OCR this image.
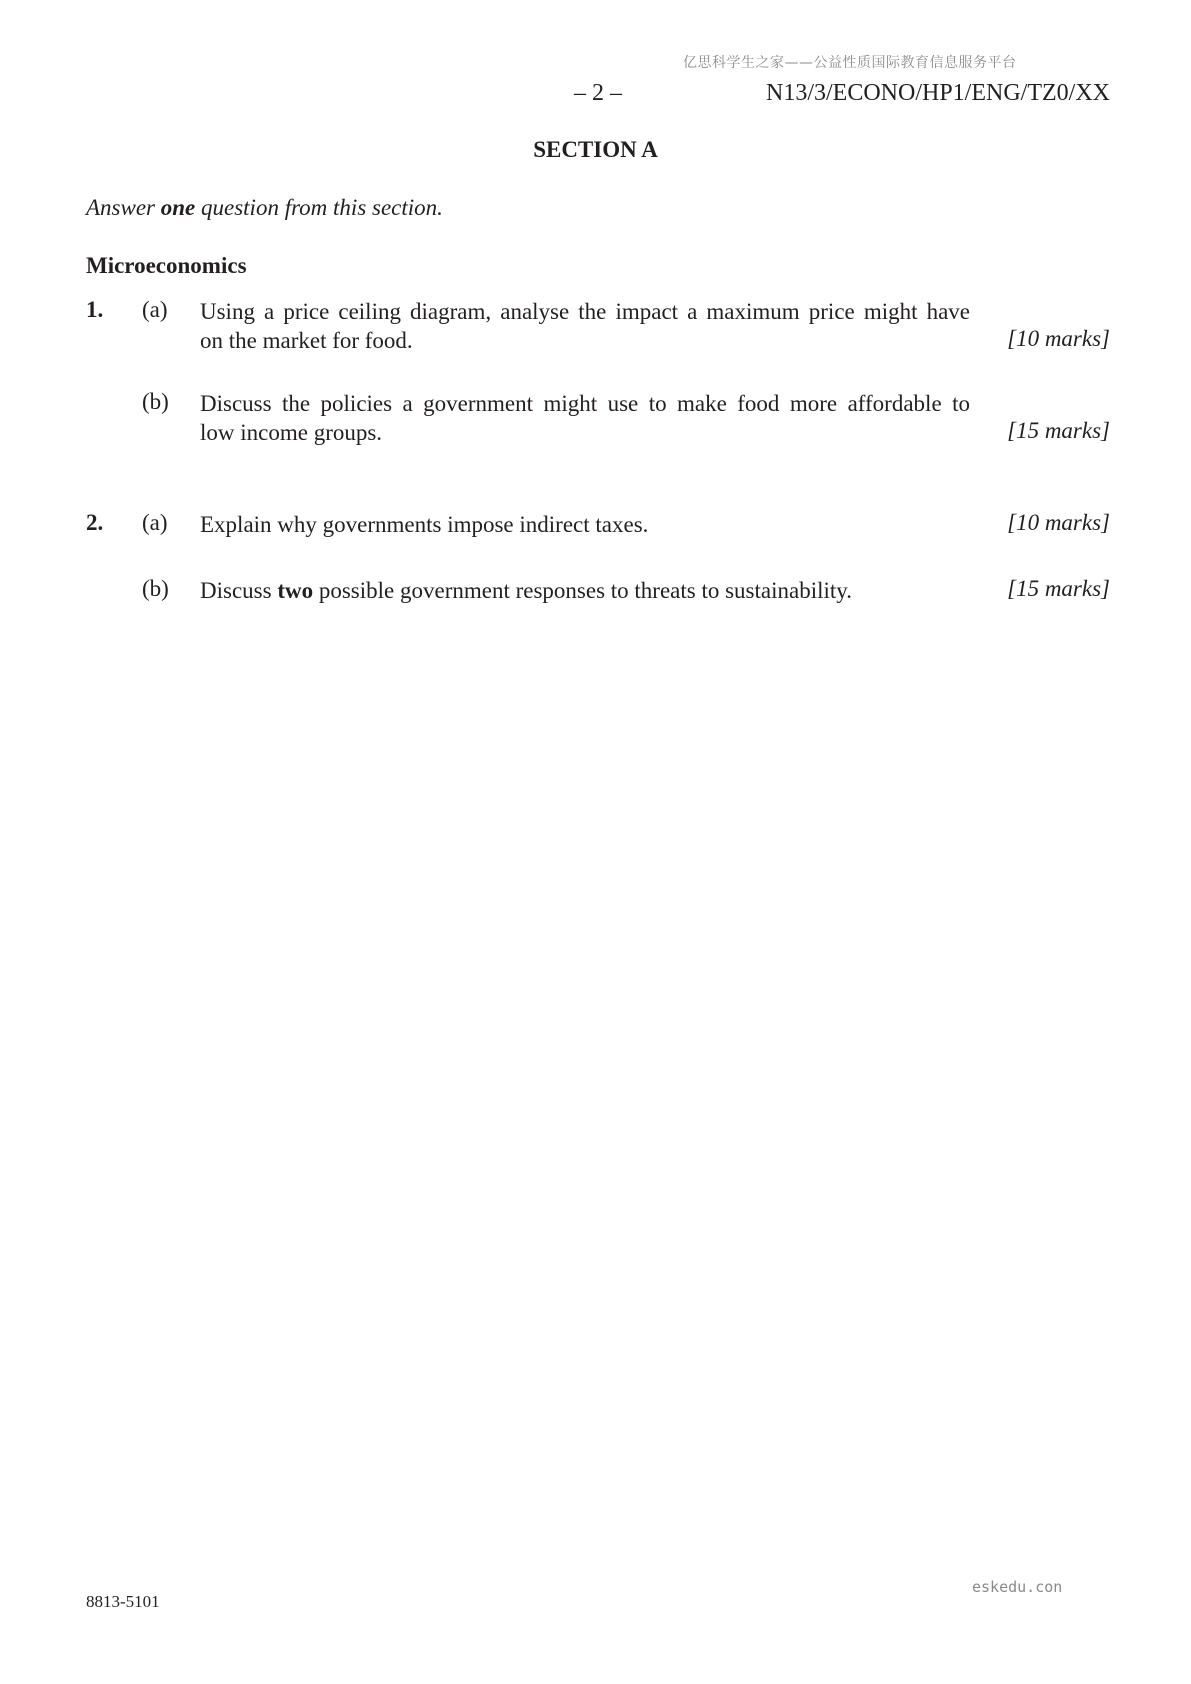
亿思科学生之家——公益性质国际教育信息服务平台
– 2 –	N13/3/ECONO/HP1/ENG/TZ0/XX
SECTION A
Answer one question from this section.
Microeconomics
1. (a) Using a price ceiling diagram, analyse the impact a maximum price might have
on the market for food.	[10 marks]
(b) Discuss the policies a government might use to make food more affordable to
low income groups.	[15 marks]
2. (a) Explain why governments impose indirect taxes.	[10 marks]
(b) Discuss two possible government responses to threats to sustainability.	[15 marks]
8813-5101
eskedu.con
